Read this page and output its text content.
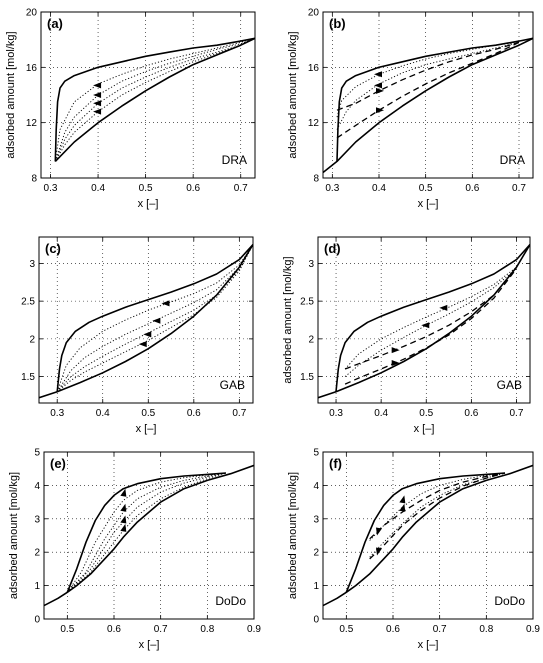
0.3	0.4	0.5	0.6	0.7
8
12
16
20
(a)
DRA
x [–]
adsorbed amount [mol/kg]
0.3	0.4	0.5	0.6	0.7
8
12
16
20
(b)
DRA
x [–]
adsorbed amount [mol/kg]
0.3	0.4	0.5	0.6	0.7
1.5
2
2.5
3
(c)
GAB
x [–]
0.3	0.4	0.5	0.6	0.7
1.5
2
2.5
3
(d)
GAB
x [–]
adsorbed amount [mol/kg]
0.5	0.6	0.7	0.8	0.9
0
1
2
3
4
5
(e)
DoDo
x [–]
adsorbed amount [mol/kg]
0.5	0.6	0.7	0.8	0.9
0
1
2
3
4
5
(f)
DoDo
x [–]
adsorbed amount [mol/kg]
